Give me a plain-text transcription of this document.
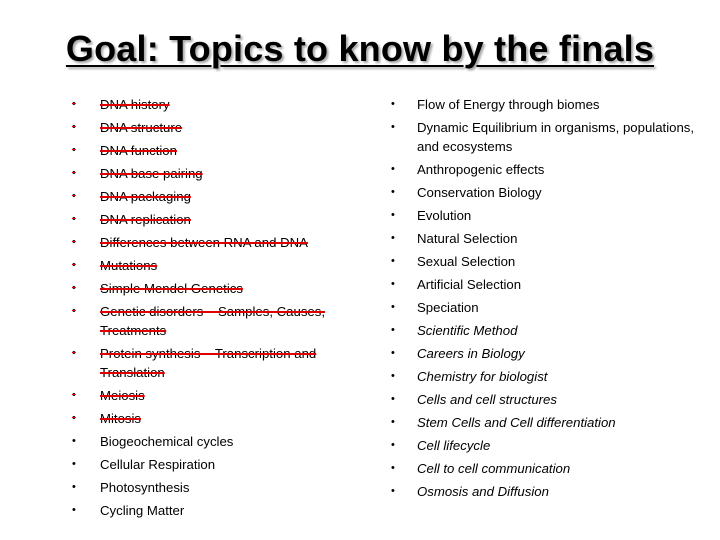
Goal: Topics to know by the finals
• DNA history
• DNA structure
• DNA function
• DNA base pairing
• DNA packaging
• DNA replication
• Differences between RNA and DNA
• Mutations
• Simple Mendel Genetics
• Genetic disorders – Samples, Causes, Treatments
• Protein synthesis – Transcription and Translation
• Meiosis
• Mitosis
• Biogeochemical cycles
• Cellular Respiration
• Photosynthesis
• Cycling Matter
• Flow of Energy through biomes
• Dynamic Equilibrium in organisms, populations, and ecosystems
• Anthropogenic effects
• Conservation Biology
• Evolution
• Natural Selection
• Sexual Selection
• Artificial Selection
• Speciation
• Scientific Method
• Careers in Biology
• Chemistry for biologist
• Cells and cell structures
• Stem Cells and Cell differentiation
• Cell lifecycle
• Cell to cell communication
• Osmosis and Diffusion
